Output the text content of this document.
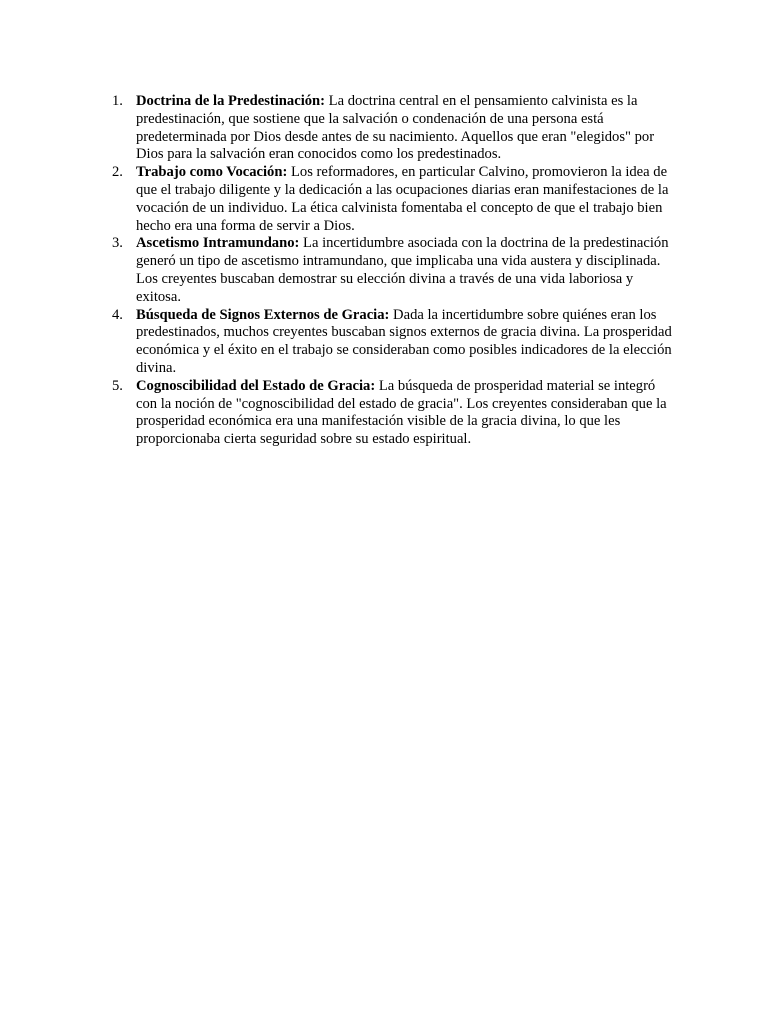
1. Doctrina de la Predestinación: La doctrina central en el pensamiento calvinista es la predestinación, que sostiene que la salvación o condenación de una persona está predeterminada por Dios desde antes de su nacimiento. Aquellos que eran "elegidos" por Dios para la salvación eran conocidos como los predestinados.
2. Trabajo como Vocación: Los reformadores, en particular Calvino, promovieron la idea de que el trabajo diligente y la dedicación a las ocupaciones diarias eran manifestaciones de la vocación de un individuo. La ética calvinista fomentaba el concepto de que el trabajo bien hecho era una forma de servir a Dios.
3. Ascetismo Intramundano: La incertidumbre asociada con la doctrina de la predestinación generó un tipo de ascetismo intramundano, que implicaba una vida austera y disciplinada. Los creyentes buscaban demostrar su elección divina a través de una vida laboriosa y exitosa.
4. Búsqueda de Signos Externos de Gracia: Dada la incertidumbre sobre quiénes eran los predestinados, muchos creyentes buscaban signos externos de gracia divina. La prosperidad económica y el éxito en el trabajo se consideraban como posibles indicadores de la elección divina.
5. Cognoscibilidad del Estado de Gracia: La búsqueda de prosperidad material se integró con la noción de "cognoscibilidad del estado de gracia". Los creyentes consideraban que la prosperidad económica era una manifestación visible de la gracia divina, lo que les proporcionaba cierta seguridad sobre su estado espiritual.
